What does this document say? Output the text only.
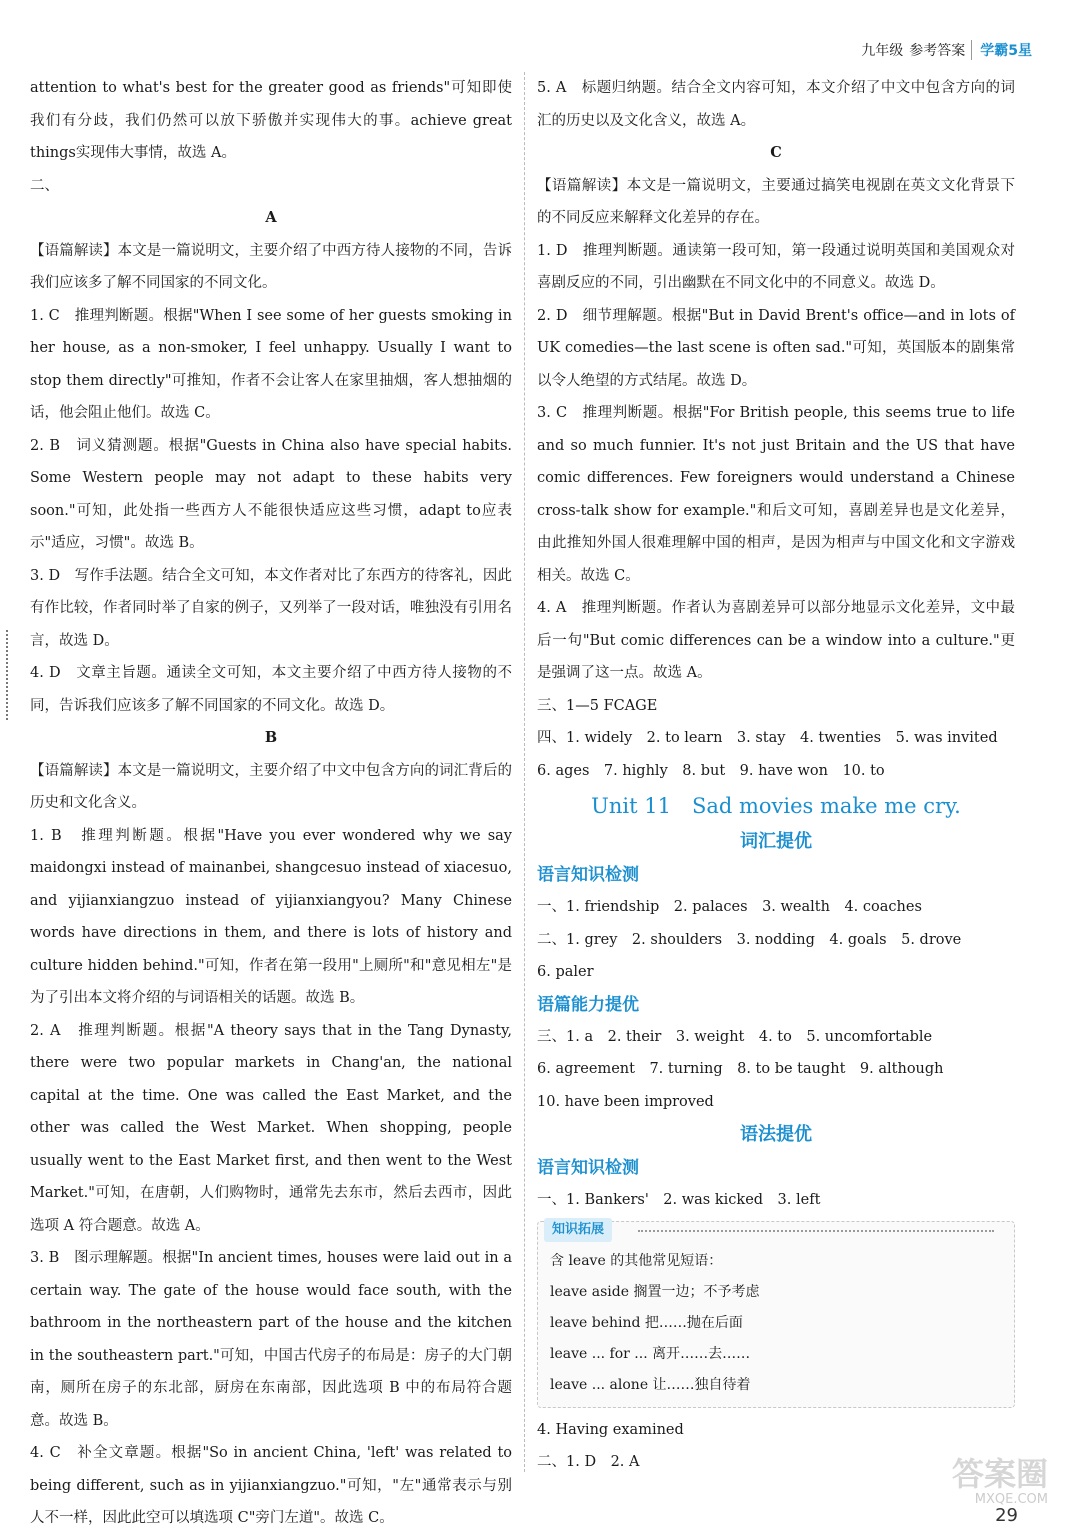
九年级 参考答案	学霸5星

attention to what's best for the greater good as friends"可知即使我们有分歧，我们仍然可以放下骄傲并实现伟大的事。achieve great things实现伟大事情，故选 A。

二、

A

【语篇解读】本文是一篇说明文，主要介绍了中西方待人接物的不同，告诉我们应该多了解不同国家的不同文化。

1. C　推理判断题。根据"When I see some of her guests smoking in her house, as a non-smoker, I feel unhappy. Usually I want to stop them directly"可推知，作者不会让客人在家里抽烟，客人想抽烟的话，他会阻止他们。故选 C。

2. B　词义猜测题。根据"Guests in China also have special habits. Some Western people may not adapt to these habits very soon."可知，此处指一些西方人不能很快适应这些习惯，adapt to应表示"适应，习惯"。故选 B。

3. D　写作手法题。结合全文可知，本文作者对比了东西方的待客礼，因此有作比较，作者同时举了自家的例子，又列举了一段对话，唯独没有引用名言，故选 D。

4. D　文章主旨题。通读全文可知，本文主要介绍了中西方待人接物的不同，告诉我们应该多了解不同国家的不同文化。故选 D。

B

【语篇解读】本文是一篇说明文，主要介绍了中文中包含方向的词汇背后的历史和文化含义。

1. B　推理判断题。根据"Have you ever wondered why we say maidongxi instead of mainanbei, shangcesuo instead of xiacesuo, and yijianxiangzuo instead of yijianxiangyou? Many Chinese words have directions in them, and there is lots of history and culture hidden behind."可知，作者在第一段用"上厕所"和"意见相左"是为了引出本文将介绍的与词语相关的话题。故选 B。

2. A　推理判断题。根据"A theory says that in the Tang Dynasty, there were two popular markets in Chang'an, the national capital at the time. One was called the East Market, and the other was called the West Market. When shopping, people usually went to the East Market first, and then went to the West Market."可知，在唐朝，人们购物时，通常先去东市，然后去西市，因此选项 A 符合题意。故选 A。

3. B　图示理解题。根据"In ancient times, houses were laid out in a certain way. The gate of the house would face south, with the bathroom in the northeastern part of the house and the kitchen in the southeastern part."可知，中国古代房子的布局是：房子的大门朝南，厕所在房子的东北部，厨房在东南部，因此选项 B 中的布局符合题意。故选 B。

4. C　补全文章题。根据"So in ancient China, 'left' was related to being different, such as in yijianxiangzuo."可知，"左"通常表示与别人不一样，因此此空可以填选项 C"旁门左道"。故选 C。

5. A　标题归纳题。结合全文内容可知，本文介绍了中文中包含方向的词汇的历史以及文化含义，故选 A。

C

【语篇解读】本文是一篇说明文，主要通过搞笑电视剧在英文文化背景下的不同反应来解释文化差异的存在。

1. D　推理判断题。通读第一段可知，第一段通过说明英国和美国观众对喜剧反应的不同，引出幽默在不同文化中的不同意义。故选 D。

2. D　细节理解题。根据"But in David Brent's office—and in lots of UK comedies—the last scene is often sad."可知，英国版本的剧集常以令人绝望的方式结尾。故选 D。

3. C　推理判断题。根据"For British people, this seems true to life and so much funnier. It's not just Britain and the US that have comic differences. Few foreigners would understand a Chinese cross-talk show for example."和后文可知，喜剧差异也是文化差异，由此推知外国人很难理解中国的相声，是因为相声与中国文化和文字游戏相关。故选 C。

4. A　推理判断题。作者认为喜剧差异可以部分地显示文化差异，文中最后一句"But comic differences can be a window into a culture."更是强调了这一点。故选 A。

三、1—5 FCAGE

四、1. widely　2. to learn　3. stay　4. twenties　5. was invited

6. ages　7. highly　8. but　9. have won　10. to

Unit 11　Sad movies make me cry.
词汇提优
语言知识检测

一、1. friendship　2. palaces　3. wealth　4. coaches

二、1. grey　2. shoulders　3. nodding　4. goals　5. drove

6. paler

语篇能力提优

三、1. a　2. their　3. weight　4. to　5. uncomfortable

6. agreement　7. turning　8. to be taught　9. although

10. have been improved

语法提优
语言知识检测

一、1. Bankers'　2. was kicked　3. left

知识拓展
含 leave 的其他常见短语：
leave aside 搁置一边；不予考虑
leave behind 把……抛在后面
leave ... for ... 离开……去……
leave ... alone 让……独自待着

4. Having examined

二、1. D　2. A	答案圈
MXQE.COM
29
